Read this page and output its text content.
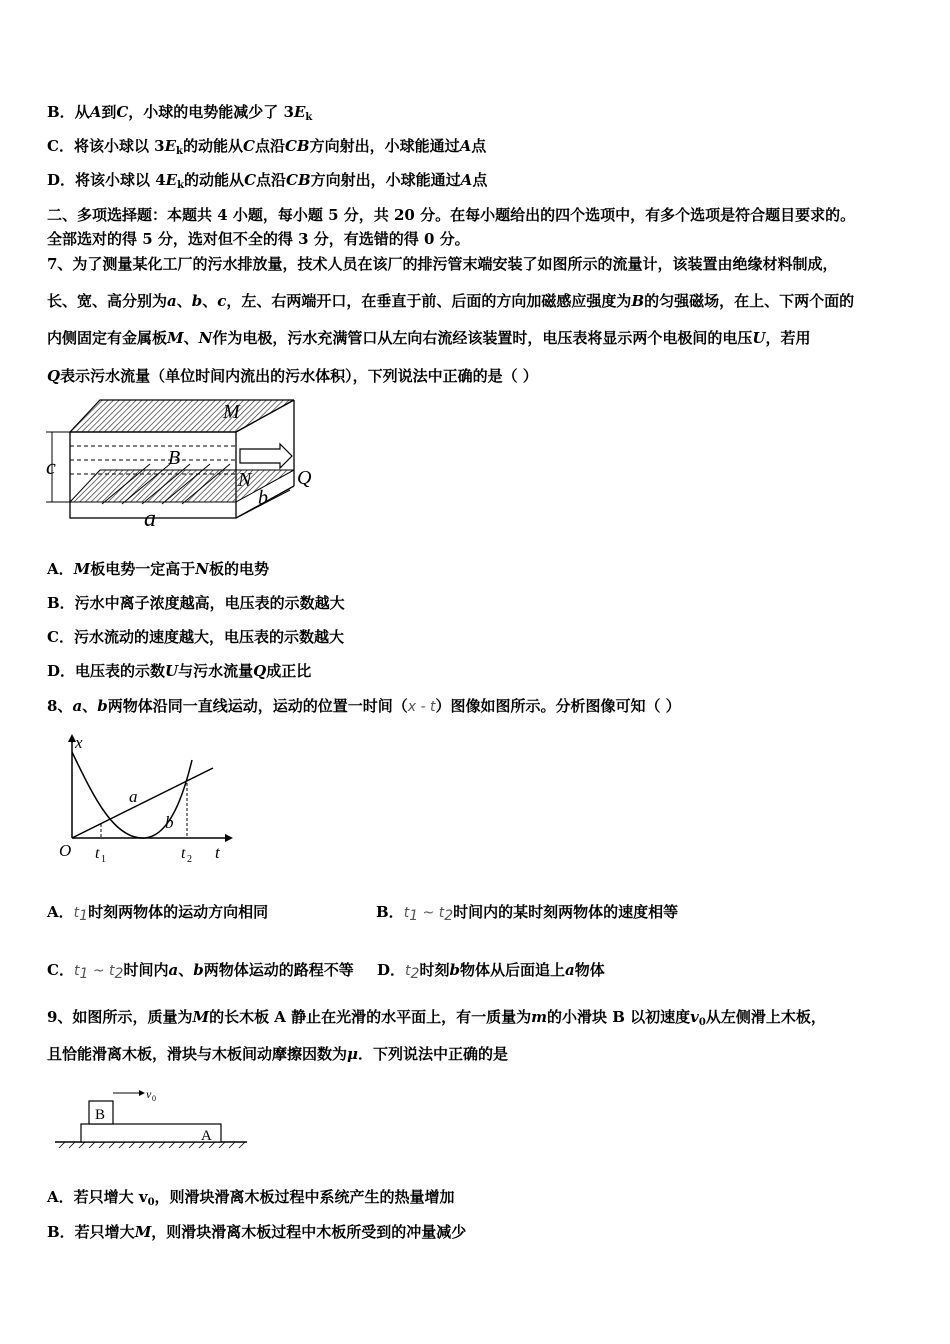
B．从A到C，小球的电势能减少了 $3E_k$
C．将该小球以 $3E_k$的动能从C点沿CB方向射出，小球能通过A点
D．将该小球以 $4E_k$的动能从C点沿CB方向射出，小球能通过A点
二、多项选择题：本题共 4 小题，每小题 5 分，共 20 分。在每小题给出的四个选项中，有多个选项是符合题目要求的。
全部选对的得 5 分，选对但不全的得 3 分，有选错的得 0 分。
7、为了测量某化工厂的污水排放量，技术人员在该厂的排污管末端安装了如图所示的流量计，该装置由绝缘材料制成，
长、宽、高分别为a、b、c，左、右两端开口，在垂直于前、后面的方向加磁感应强度为B的匀强磁场，在上、下两个面的
内侧固定有金属板M、N作为电极，污水充满管口从左向右流经该装置时，电压表将显示两个电极间的电压U，若用
Q表示污水流量（单位时间内流出的污水体积），下列说法中正确的是（ ）
M
B
N Q
c
a
b
A．M板电势一定高于N板的电势
B．污水中离子浓度越高，电压表的示数越大
C．污水流动的速度越大，电压表的示数越大
D．电压表的示数U与污水流量Q成正比
8、a、b两物体沿同一直线运动，运动的位置一时间（x - t）图像如图所示。分析图像可知（ ）
x
O	t
a
b
t 1	t 2
A．t1时刻两物体的运动方向相同	B．t1 ~ t2时间内的某时刻两物体的速度相等
C．t1 ~ t2时间内a、b两物体运动的路程不等 D．t2时刻b物体从后面追上a物体
9、如图所示，质量为M的长木板 A 静止在光滑的水平面上，有一质量为m的小滑块 B 以初速度$v_0$从左侧滑上木板，
且恰能滑离木板，滑块与木板间动摩擦因数为μ．下列说法中正确的是
B
A
v 0
A．若只增大 $v_0$，则滑块滑离木板过程中系统产生的热量增加
B．若只增大M，则滑块滑离木板过程中木板所受到的冲量减少
